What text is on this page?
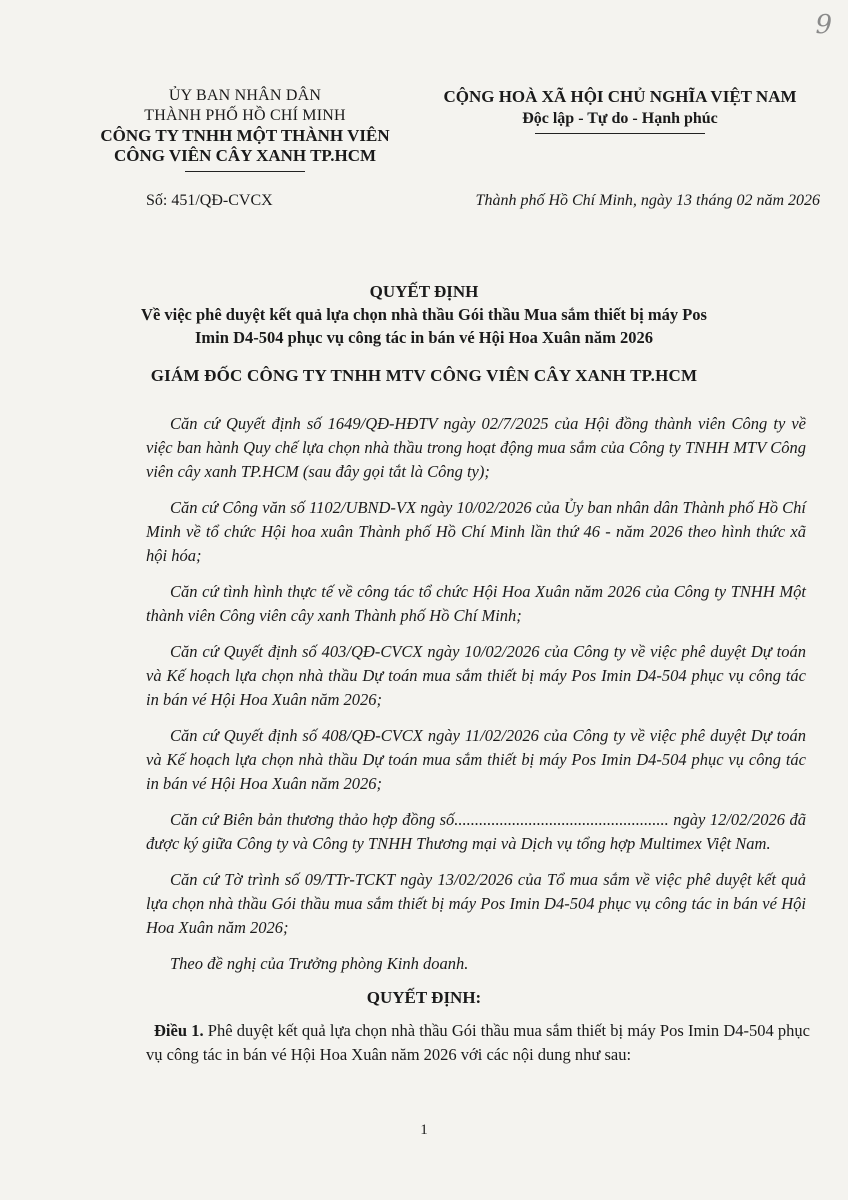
9
ỦY BAN NHÂN DÂN
THÀNH PHỐ HỒ CHÍ MINH
CÔNG TY TNHH MỘT THÀNH VIÊN
CÔNG VIÊN CÂY XANH TP.HCM
CỘNG HOÀ XÃ HỘI CHỦ NGHĨA VIỆT NAM
Độc lập - Tự do - Hạnh phúc
Số: 451/QĐ-CVCX	Thành phố Hồ Chí Minh, ngày 13 tháng 02 năm 2026
QUYẾT ĐỊNH
Về việc phê duyệt kết quả lựa chọn nhà thầu Gói thầu Mua sắm thiết bị máy Pos
Imin D4-504 phục vụ công tác in bán vé Hội Hoa Xuân năm 2026
GIÁM ĐỐC CÔNG TY TNHH MTV CÔNG VIÊN CÂY XANH TP.HCM

Căn cứ Quyết định số 1649/QĐ-HĐTV ngày 02/7/2025 của Hội đồng thành viên Công ty về việc ban hành Quy chế lựa chọn nhà thầu trong hoạt động mua sắm của Công ty TNHH MTV Công viên cây xanh TP.HCM (sau đây gọi tắt là Công ty);

Căn cứ Công văn số 1102/UBND-VX ngày 10/02/2026 của Ủy ban nhân dân Thành phố Hồ Chí Minh về tổ chức Hội hoa xuân Thành phố Hồ Chí Minh lần thứ 46 - năm 2026 theo hình thức xã hội hóa;

Căn cứ tình hình thực tế về công tác tổ chức Hội Hoa Xuân năm 2026 của Công ty TNHH Một thành viên Công viên cây xanh Thành phố Hồ Chí Minh;

Căn cứ Quyết định số 403/QĐ-CVCX ngày 10/02/2026 của Công ty về việc phê duyệt Dự toán và Kế hoạch lựa chọn nhà thầu Dự toán mua sắm thiết bị máy Pos Imin D4-504 phục vụ công tác in bán vé Hội Hoa Xuân năm 2026;

Căn cứ Quyết định số 408/QĐ-CVCX ngày 11/02/2026 của Công ty về việc phê duyệt Dự toán và Kế hoạch lựa chọn nhà thầu Dự toán mua sắm thiết bị máy Pos Imin D4-504 phục vụ công tác in bán vé Hội Hoa Xuân năm 2026;

Căn cứ Biên bản thương thảo hợp đồng số.................................................... ngày 12/02/2026 đã được ký giữa Công ty và Công ty TNHH Thương mại và Dịch vụ tổng hợp Multimex Việt Nam.

Căn cứ Tờ trình số 09/TTr-TCKT ngày 13/02/2026 của Tổ mua sắm về việc phê duyệt kết quả lựa chọn nhà thầu Gói thầu mua sắm thiết bị máy Pos Imin D4-504 phục vụ công tác in bán vé Hội Hoa Xuân năm 2026;

Theo đề nghị của Trưởng phòng Kinh doanh.

QUYẾT ĐỊNH:
Điều 1. Phê duyệt kết quả lựa chọn nhà thầu Gói thầu mua sắm thiết bị máy Pos Imin D4-504 phục vụ công tác in bán vé Hội Hoa Xuân năm 2026 với các nội dung như sau:
1
